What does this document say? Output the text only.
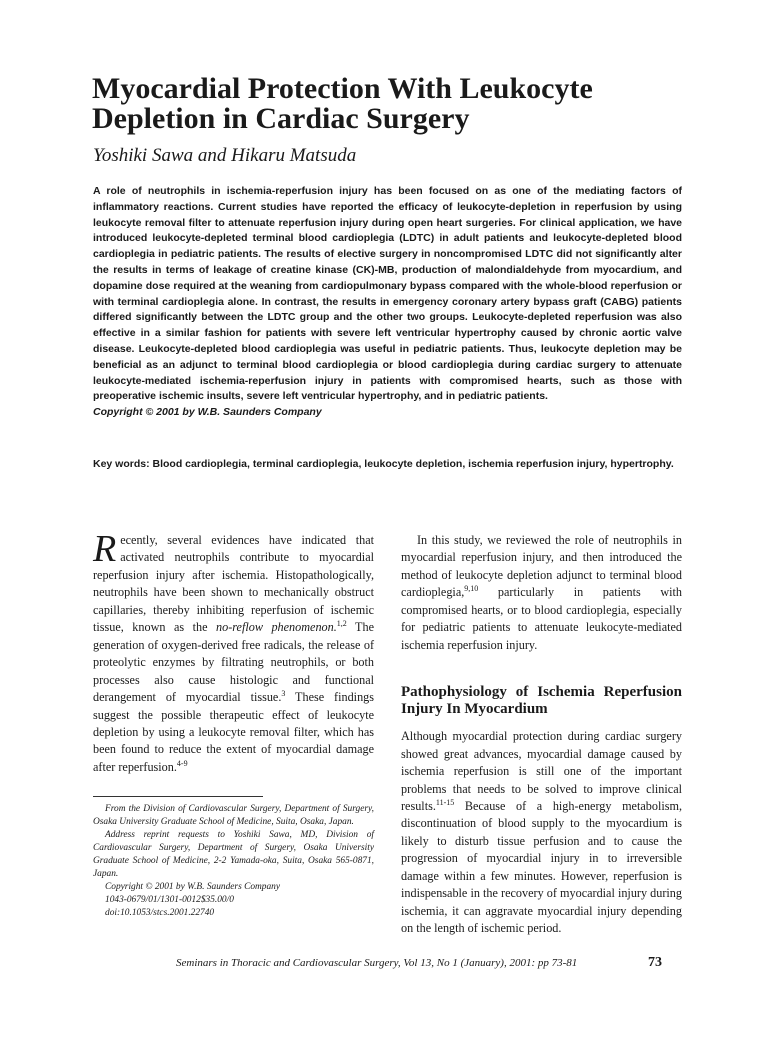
Myocardial Protection With Leukocyte Depletion in Cardiac Surgery

Yoshiki Sawa and Hikaru Matsuda

A role of neutrophils in ischemia-reperfusion injury has been focused on as one of the mediating factors of inflammatory reactions. Current studies have reported the efficacy of leukocyte-depletion in reperfusion by using leukocyte removal filter to attenuate reperfusion injury during open heart surgeries. For clinical application, we have introduced leukocyte-depleted terminal blood cardioplegia (LDTC) in adult patients and leukocyte-depleted blood cardioplegia in pediatric patients. The results of elective surgery in noncompromised LDTC did not significantly alter the results in terms of leakage of creatine kinase (CK)-MB, production of malondialdehyde from myocardium, and dopamine dose required at the weaning from cardiopulmonary bypass compared with the whole-blood reperfusion or with terminal cardioplegia alone. In contrast, the results in emergency coronary artery bypass graft (CABG) patients differed significantly between the LDTC group and the other two groups. Leukocyte-depleted reperfusion was also effective in a similar fashion for patients with severe left ventricular hypertrophy caused by chronic aortic valve disease. Leukocyte-depleted blood cardioplegia was useful in pediatric patients. Thus, leukocyte depletion may be beneficial as an adjunct to terminal blood cardioplegia or blood cardioplegia during cardiac surgery to attenuate leukocyte-mediated ischemia-reperfusion injury in patients with compromised hearts, such as those with preoperative ischemic insults, severe left ventricular hypertrophy, and in pediatric patients.
Copyright © 2001 by W.B. Saunders Company

Key words: Blood cardioplegia, terminal cardioplegia, leukocyte depletion, ischemia reperfusion injury, hypertrophy.

Recently, several evidences have indicated that activated neutrophils contribute to myocardial reperfusion injury after ischemia. Histopathologically, neutrophils have been shown to mechanically obstruct capillaries, thereby inhibiting reperfusion of ischemic tissue, known as the no-reflow phenomenon.$^{1,2}$ The generation of oxygen-derived free radicals, the release of proteolytic enzymes by filtrating neutrophils, or both processes also cause histologic and functional derangement of myocardial tissue.$^3$ These findings suggest the possible therapeutic effect of leukocyte depletion by using a leukocyte removal filter, which has been found to reduce the extent of myocardial damage after reperfusion.$^{4-9}$

From the Division of Cardiovascular Surgery, Department of Surgery, Osaka University Graduate School of Medicine, Suita, Osaka, Japan.

Address reprint requests to Yoshiki Sawa, MD, Division of Cardiovascular Surgery, Department of Surgery, Osaka University Graduate School of Medicine, 2-2 Yamada-oka, Suita, Osaka 565-0871, Japan.

Copyright © 2001 by W.B. Saunders Company

1043-0679/01/1301-0012$35.00/0

doi:10.1053/stcs.2001.22740

In this study, we reviewed the role of neutrophils in myocardial reperfusion injury, and then introduced the method of leukocyte depletion adjunct to terminal blood cardioplegia,$^{9,10}$ particularly in patients with compromised hearts, or to blood cardioplegia, especially for pediatric patients to attenuate leukocyte-mediated ischemia reperfusion injury.

Pathophysiology of Ischemia Reperfusion Injury In Myocardium

Although myocardial protection during cardiac surgery showed great advances, myocardial damage caused by ischemia reperfusion is still one of the important problems that needs to be solved to improve clinical results.$^{11-15}$ Because of a high-energy metabolism, discontinuation of blood supply to the myocardium is likely to disturb tissue perfusion and to cause the progression of myocardial injury in to irreversible damage within a few minutes. However, reperfusion is indispensable in the recovery of myocardial injury during ischemia, it can aggravate myocardial injury depending on the length of ischemic period.

Seminars in Thoracic and Cardiovascular Surgery, Vol 13, No 1 (January), 2001: pp 73-81	73
